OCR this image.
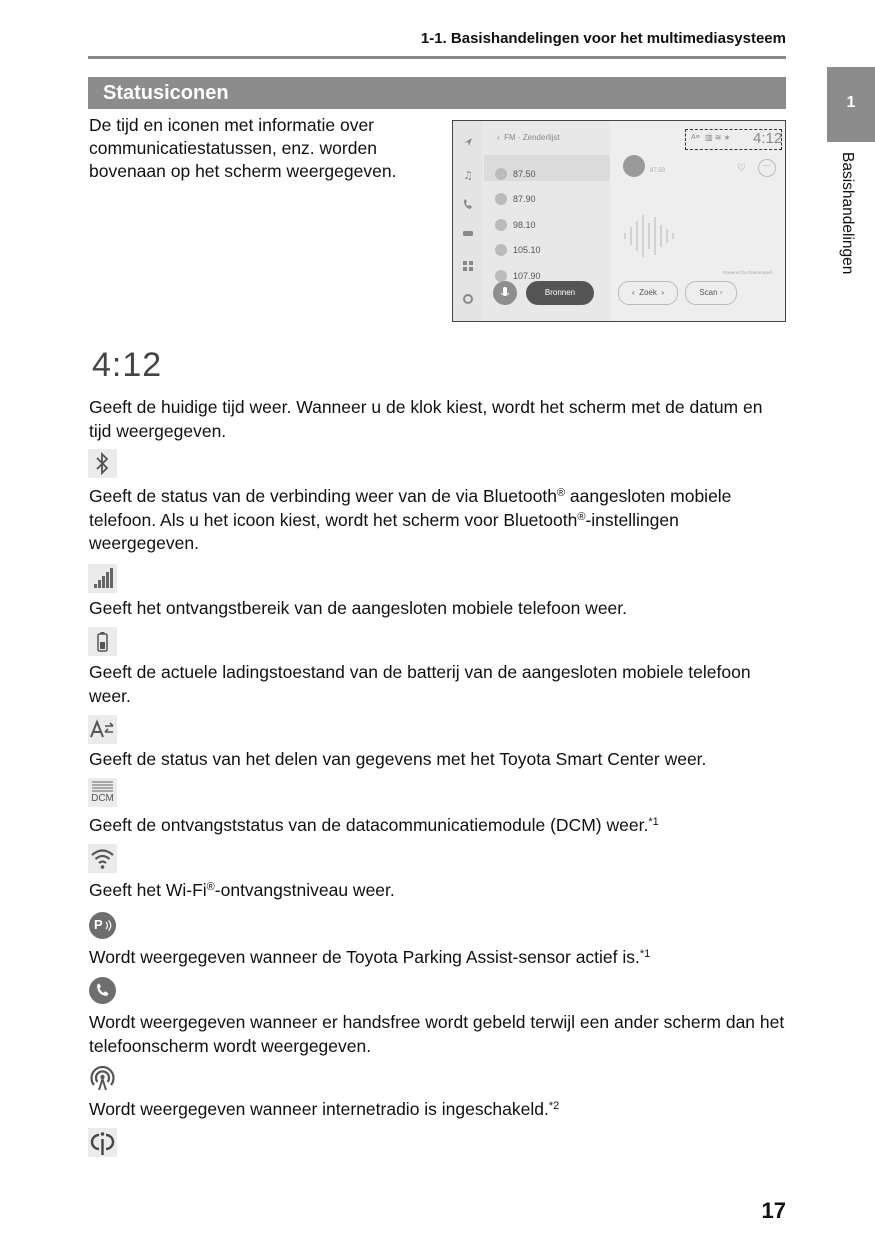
1-1. Basishandelingen voor het multimediasysteem
Statusiconen	1
Basishandelingen
De tijd en iconen met informatie over communicatiestatussen, enz. worden bovenaan op het scherm weergegeven.	♫
‹  FM · Zenderlijst
87.50
87.90
98.10
105.10
107.90
Bronnen
A≡ ▥ ≋ ∗ 4:12
87.50	♡	···
Powered by Gracenote®
‹  Zoek  ›	Scan ◦
4:12
Geeft de huidige tijd weer. Wanneer u de klok kiest, wordt het scherm met de datum en tijd weergegeven.
Geeft de status van de verbinding weer van de via Bluetooth® aangesloten mobiele telefoon. Als u het icoon kiest, wordt het scherm voor Bluetooth®-instellingen weergegeven.
Geeft het ontvangstbereik van de aangesloten mobiele telefoon weer.
Geeft de actuele ladingstoestand van de batterij van de aangesloten mobiele telefoon weer.
Geeft de status van het delen van gegevens met het Toyota Smart Center weer.
DCM
Geeft de ontvangststatus van de datacommunicatiemodule (DCM) weer.$^{*1}$
Geeft het Wi-Fi®-ontvangstniveau weer.
P
Wordt weergegeven wanneer de Toyota Parking Assist-sensor actief is.$^{*1}$
Wordt weergegeven wanneer er handsfree wordt gebeld terwijl een ander scherm dan het telefoonscherm wordt weergegeven.
Wordt weergegeven wanneer internetradio is ingeschakeld.$^{*2}$
17
